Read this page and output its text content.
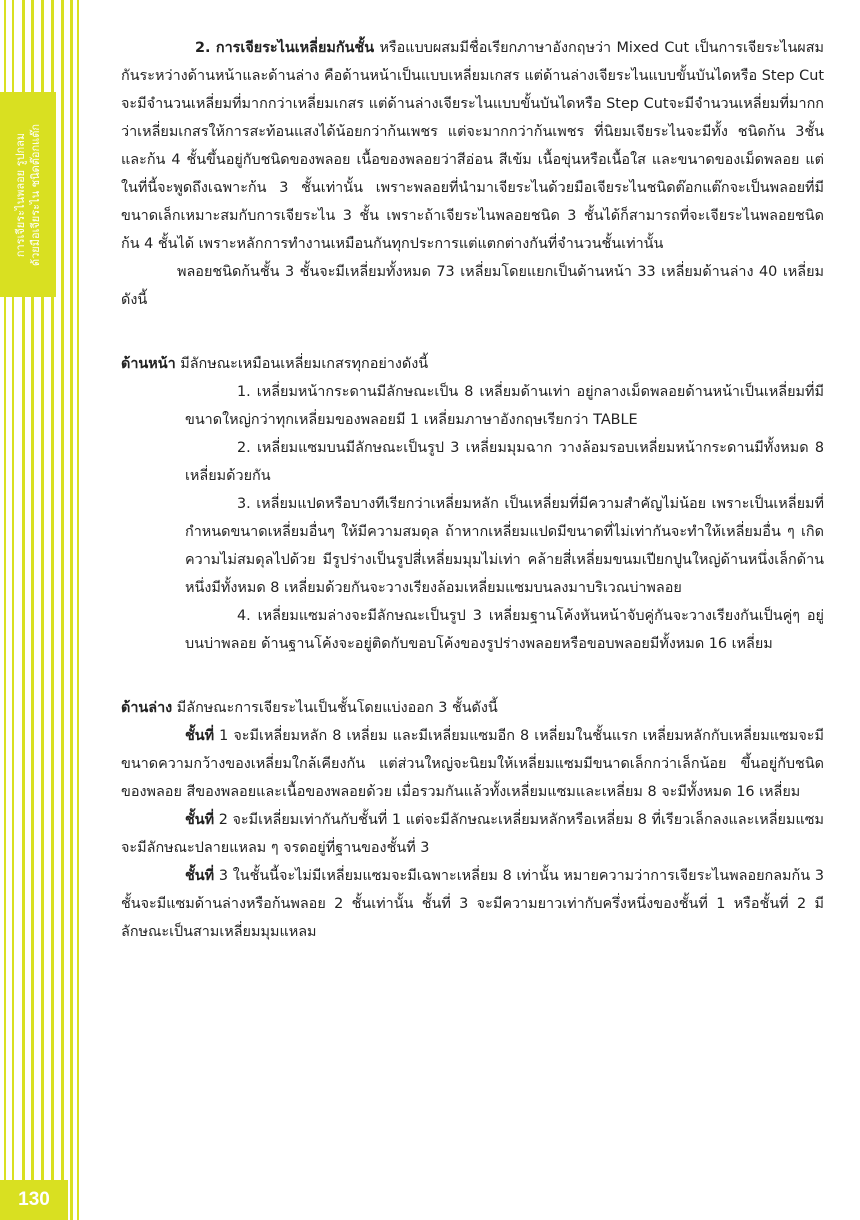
การเจียระไนพลอย รูปกลม ด้วยมือเจียระไน ชนิดต๊อกแต๊ก
130

2. การเจียระไนเหลี่ยมกันชั้น หรือแบบผสมมีชื่อเรียกภาษาอังกฤษว่า Mixed Cut เป็นการเจียระไนผสมกันระหว่างด้านหน้าและด้านล่าง คือด้านหน้าเป็นแบบเหลี่ยมเกสร แต่ด้านล่างเจียระไนแบบขั้นบันไดหรือ Step Cut จะมีจำนวนเหลี่ยมที่มากกว่าเหลี่ยมเกสร แต่ด้านล่างเจียระไนแบบขั้นบันไดหรือ Step Cutจะมีจำนวนเหลี่ยมที่มากกว่าเหลี่ยมเกสรให้การสะท้อนแสงได้น้อยกว่าก้นเพชร แต่จะมากกว่าก้นเพชร ที่นิยมเจียระไนจะมีทั้ง ชนิดก้น 3ชั้น และก้น 4 ชั้นขึ้นอยู่กับชนิดของพลอย เนื้อของพลอยว่าสีอ่อน สีเข้ม เนื้อขุ่นหรือเนื้อใส และขนาดของเม็ดพลอย แต่ในที่นี้จะพูดถึงเฉพาะก้น 3 ชั้นเท่านั้น เพราะพลอยที่นำมาเจียระไนด้วยมือเจียระไนชนิดต๊อกแต๊กจะเป็นพลอยที่มีขนาดเล็กเหมาะสมกับการเจียระไน 3 ชั้น เพราะถ้าเจียระไนพลอยชนิด 3 ชั้นได้ก็สามารถที่จะเจียระไนพลอยชนิดก้น 4 ชั้นได้ เพราะหลักการทำงานเหมือนกันทุกประการแต่แตกต่างกันที่จำนวนชั้นเท่านั้น

พลอยชนิดก้นชั้น 3 ชั้นจะมีเหลี่ยมทั้งหมด 73 เหลี่ยมโดยแยกเป็นด้านหน้า 33 เหลี่ยมด้านล่าง 40 เหลี่ยมดังนี้

ด้านหน้า มีลักษณะเหมือนเหลี่ยมเกสรทุกอย่างดังนี้

1. เหลี่ยมหน้ากระดานมีลักษณะเป็น 8 เหลี่ยมด้านเท่า อยู่กลางเม็ดพลอยด้านหน้าเป็นเหลี่ยมที่มีขนาดใหญ่กว่าทุกเหลี่ยมของพลอยมี 1 เหลี่ยมภาษาอังกฤษเรียกว่า TABLE

2. เหลี่ยมแซมบนมีลักษณะเป็นรูป 3 เหลี่ยมมุมฉาก วางล้อมรอบเหลี่ยมหน้ากระดานมีทั้งหมด 8 เหลี่ยมด้วยกัน

3. เหลี่ยมแปดหรือบางทีเรียกว่าเหลี่ยมหลัก เป็นเหลี่ยมที่มีความสำคัญไม่น้อย เพราะเป็นเหลี่ยมที่กำหนดขนาดเหลี่ยมอื่นๆ ให้มีความสมดุล ถ้าหากเหลี่ยมแปดมีขนาดที่ไม่เท่ากันจะทำให้เหลี่ยมอื่น ๆ เกิดความไม่สมดุลไปด้วย มีรูปร่างเป็นรูปสี่เหลี่ยมมุมไม่เท่า คล้ายสี่เหลี่ยมขนมเปียกปูนใหญ่ด้านหนึ่งเล็กด้านหนึ่งมีทั้งหมด 8 เหลี่ยมด้วยกันจะวางเรียงล้อมเหลี่ยมแซมบนลงมาบริเวณบ่าพลอย

4. เหลี่ยมแซมล่างจะมีลักษณะเป็นรูป 3 เหลี่ยมฐานโค้งหันหน้าจับคู่กันจะวางเรียงกันเป็นคู่ๆ อยู่บนบ่าพลอย ด้านฐานโค้งจะอยู่ติดกับขอบโค้งของรูปร่างพลอยหรือขอบพลอยมีทั้งหมด 16 เหลี่ยม

ด้านล่าง มีลักษณะการเจียระไนเป็นชั้นโดยแบ่งออก 3 ชั้นดังนี้

ชั้นที่ 1 จะมีเหลี่ยมหลัก 8 เหลี่ยม และมีเหลี่ยมแซมอีก 8 เหลี่ยมในชั้นแรก เหลี่ยมหลักกับเหลี่ยมแซมจะมีขนาดความกว้างของเหลี่ยมใกล้เคียงกัน แต่ส่วนใหญ่จะนิยมให้เหลี่ยมแซมมีขนาดเล็กกว่าเล็กน้อย ขึ้นอยู่กับชนิดของพลอย สีของพลอยและเนื้อของพลอยด้วย เมื่อรวมกันแล้วทั้งเหลี่ยมแซมและเหลี่ยม 8 จะมีทั้งหมด 16 เหลี่ยม

ชั้นที่ 2 จะมีเหลี่ยมเท่ากันกับชั้นที่ 1 แต่จะมีลักษณะเหลี่ยมหลักหรือเหลี่ยม 8 ที่เรียวเล็กลงและเหลี่ยมแซมจะมีลักษณะปลายแหลม ๆ จรดอยู่ที่ฐานของชั้นที่ 3

ชั้นที่ 3 ในชั้นนี้จะไม่มีเหลี่ยมแซมจะมีเฉพาะเหลี่ยม 8 เท่านั้น หมายความว่าการเจียระไนพลอยกลมก้น 3 ชั้นจะมีแซมด้านล่างหรือก้นพลอย 2 ชั้นเท่านั้น ชั้นที่ 3 จะมีความยาวเท่ากับครึ่งหนึ่งของชั้นที่ 1 หรือชั้นที่ 2 มีลักษณะเป็นสามเหลี่ยมมุมแหลม
